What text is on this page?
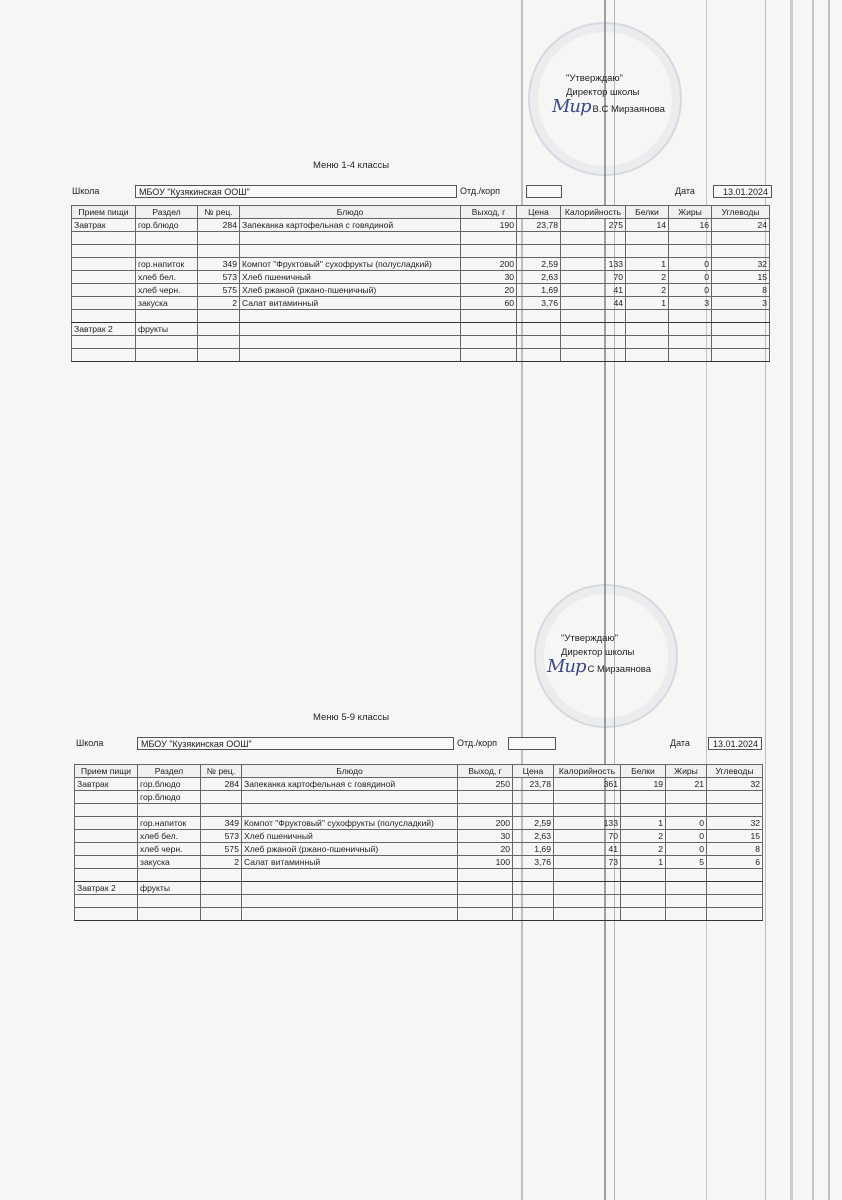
"Утверждаю"
Директор школы
Мир В.С Мирзаянова
Меню 1-4 классы
Школа	МБОУ "Кузякинская ООШ"	Отд./корп	Дата	13.01.2024
Прием пищи	Раздел	№ рец.	Блюдо	Выход, г	Цена	Калорийность	Белки	Жиры	Углеводы
Завтрак	гор.блюдо	284	Запеканка картофельная с говядиной	190	23,78	275	14	16	24

	гор.напиток	349	Компот "Фруктовый" сухофрукты (полусладкий)	200	2,59	133	1	0	32
	хлеб бел.	573	Хлеб пшеничный	30	2,63	70	2	0	15
	хлеб черн.	575	Хлеб ржаной (ржано-пшеничный)	20	1,69	41	2	0	8
	закуска	2	Салат витаминный	60	3,76	44	1	3	3

Завтрак 2	фрукты								

"Утверждаю"
Директор школы
Мир С Мирзаянова
Меню 5-9 классы
Школа	МБОУ "Кузякинская ООШ"	Отд./корп	Дата	13.01.2024
Прием пищи	Раздел	№ рец.	Блюдо	Выход, г	Цена	Калорийность	Белки	Жиры	Углеводы
Завтрак	гор.блюдо	284	Запеканка картофельная с говядиной	250	23,78	361	19	21	32
	гор.блюдо								

	гор.напиток	349	Компот "Фруктовый" сухофрукты (полусладкий)	200	2,59	133	1	0	32
	хлеб бел.	573	Хлеб пшеничный	30	2,63	70	2	0	15
	хлеб черн.	575	Хлеб ржаной (ржано-пшеничный)	20	1,69	41	2	0	8
	закуска	2	Салат витаминный	100	3,76	73	1	5	6

Завтрак 2	фрукты								
